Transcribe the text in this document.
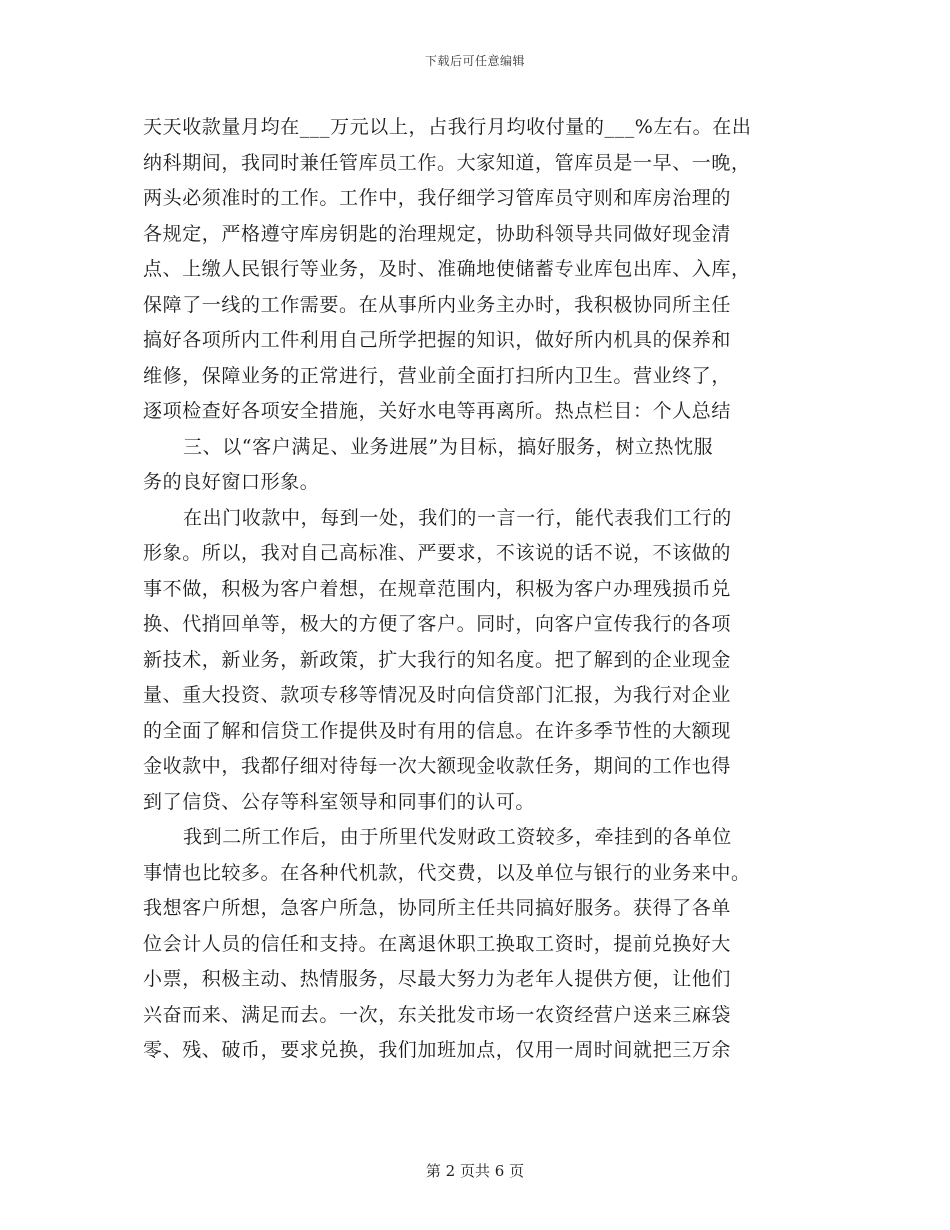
下载后可任意编辑
天天收款量月均在___万元以上，占我行月均收付量的___%左右。在出
纳科期间，我同时兼任管库员工作。大家知道，管库员是一早、一晚，
两头必须准时的工作。工作中，我仔细学习管库员守则和库房治理的
各规定，严格遵守库房钥匙的治理规定，协助科领导共同做好现金清
点、上缴人民银行等业务，及时、准确地使储蓄专业库包出库、入库，
保障了一线的工作需要。在从事所内业务主办时，我积极协同所主任
搞好各项所内工件利用自己所学把握的知识，做好所内机具的保养和
维修，保障业务的正常进行，营业前全面打扫所内卫生。营业终了，
逐项检查好各项安全措施，关好水电等再离所。热点栏目：个人总结
三、以“客户满足、业务进展”为目标，搞好服务，树立热忱服
务的良好窗口形象。
在出门收款中，每到一处，我们的一言一行，能代表我们工行的
形象。所以，我对自己高标准、严要求，不该说的话不说，不该做的
事不做，积极为客户着想，在规章范围内，积极为客户办理残损币兑
换、代捎回单等，极大的方便了客户。同时，向客户宣传我行的各项
新技术，新业务，新政策，扩大我行的知名度。把了解到的企业现金
量、重大投资、款项专移等情况及时向信贷部门汇报，为我行对企业
的全面了解和信贷工作提供及时有用的信息。在许多季节性的大额现
金收款中，我都仔细对待每一次大额现金收款任务，期间的工作也得
到了信贷、公存等科室领导和同事们的认可。
我到二所工作后，由于所里代发财政工资较多，牵挂到的各单位
事情也比较多。在各种代机款，代交费，以及单位与银行的业务来中。
我想客户所想，急客户所急，协同所主任共同搞好服务。获得了各单
位会计人员的信任和支持。在离退休职工换取工资时，提前兑换好大
小票，积极主动、热情服务，尽最大努力为老年人提供方便，让他们
兴奋而来、满足而去。一次，东关批发市场一农资经营户送来三麻袋
零、残、破币，要求兑换，我们加班加点，仅用一周时间就把三万余
第 2 页共 6 页
